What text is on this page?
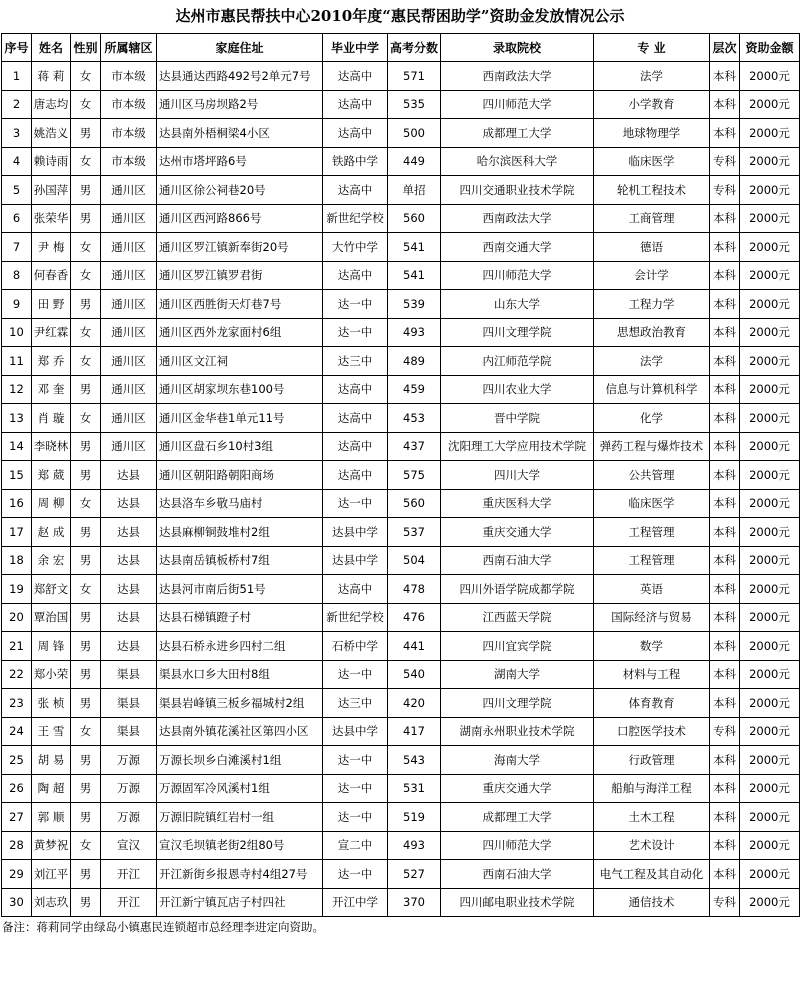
达州市惠民帮扶中心2010年度“惠民帮困助学”资助金发放情况公示
序号	姓名	性别	所属辖区	家庭住址	毕业中学	高考分数	录取院校	专 业	层次	资助金额
1	蒋 莉	女	市本级	达县通达西路492号2单元7号	达高中	571	西南政法大学	法学	本科	2000元
2	唐志均	女	市本级	通川区马房坝路2号	达高中	535	四川师范大学	小学教育	本科	2000元
3	姚浩义	男	市本级	达县南外梧桐梁4小区	达高中	500	成都理工大学	地球物理学	本科	2000元
4	赖诗雨	女	市本级	达州市塔坪路6号	铁路中学	449	哈尔滨医科大学	临床医学	专科	2000元
5	孙国萍	男	通川区	通川区徐公祠巷20号	达高中	单招	四川交通职业技术学院	轮机工程技术	专科	2000元
6	张荣华	男	通川区	通川区西河路866号	新世纪学校	560	西南政法大学	工商管理	本科	2000元
7	尹 梅	女	通川区	通川区罗江镇新奉街20号	大竹中学	541	西南交通大学	德语	本科	2000元
8	何春香	女	通川区	通川区罗江镇罗君街	达高中	541	四川师范大学	会计学	本科	2000元
9	田 野	男	通川区	通川区西胜街天灯巷7号	达一中	539	山东大学	工程力学	本科	2000元
10	尹红霖	女	通川区	通川区西外龙家面村6组	达一中	493	四川文理学院	思想政治教育	本科	2000元
11	郑 乔	女	通川区	通川区文江祠	达三中	489	内江师范学院	法学	本科	2000元
12	邓 奎	男	通川区	通川区胡家坝东巷100号	达高中	459	四川农业大学	信息与计算机科学	本科	2000元
13	肖 璇	女	通川区	通川区金华巷1单元11号	达高中	453	晋中学院	化学	本科	2000元
14	李晓林	男	通川区	通川区盘石乡10村3组	达高中	437	沈阳理工大学应用技术学院	弹药工程与爆炸技术	本科	2000元
15	郑 葳	男	达县	通川区朝阳路朝阳商场	达高中	575	四川大学	公共管理	本科	2000元
16	周 柳	女	达县	达县洛车乡敬马庙村	达一中	560	重庆医科大学	临床医学	本科	2000元
17	赵 成	男	达县	达县麻柳铜鼓堆村2组	达县中学	537	重庆交通大学	工程管理	本科	2000元
18	余 宏	男	达县	达县南岳镇板桥村7组	达县中学	504	西南石油大学	工程管理	本科	2000元
19	郑舒文	女	达县	达县河市南后街51号	达高中	478	四川外语学院成都学院	英语	本科	2000元
20	覃治国	男	达县	达县石梯镇蹬子村	新世纪学校	476	江西蓝天学院	国际经济与贸易	本科	2000元
21	周 锋	男	达县	达县石桥永进乡四村二组	石桥中学	441	四川宜宾学院	数学	本科	2000元
22	郑小荣	男	渠县	渠县水口乡大田村8组	达一中	540	湖南大学	材料与工程	本科	2000元
23	张 桢	男	渠县	渠县岩峰镇三板乡福城村2组	达三中	420	四川文理学院	体育教育	本科	2000元
24	王 雪	女	渠县	达县南外镇花溪社区第四小区	达县中学	417	湖南永州职业技术学院	口腔医学技术	专科	2000元
25	胡 易	男	万源	万源长坝乡白滩溪村1组	达一中	543	海南大学	行政管理	本科	2000元
26	陶 超	男	万源	万源固军冷风溪村1组	达一中	531	重庆交通大学	船舶与海洋工程	本科	2000元
27	郭 顺	男	万源	万源旧院镇红岩村一组	达一中	519	成都理工大学	土木工程	本科	2000元
28	黄梦祝	女	宣汉	宣汉毛坝镇老街2组80号	宣二中	493	四川师范大学	艺术设计	本科	2000元
29	刘江平	男	开江	开江新街乡报恩寺村4组27号	达一中	527	西南石油大学	电气工程及其自动化	本科	2000元
30	刘志玖	男	开江	开江新宁镇瓦店子村四社	开江中学	370	四川邮电职业技术学院	通信技术	专科	2000元
备注：蒋莉同学由绿岛小镇惠民连锁超市总经理李进定向资助。
